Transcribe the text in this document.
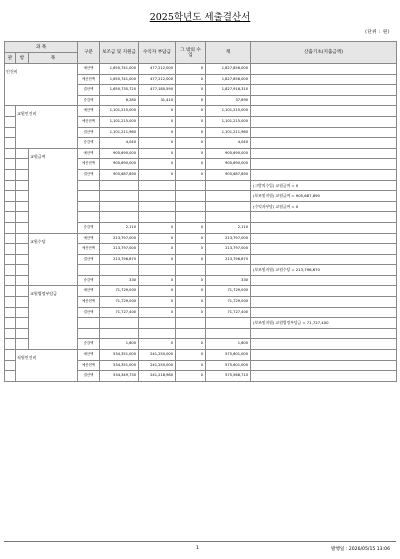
2025학년도 세출결산서
(단위 : 원)
과 목			구분	보조금 및 지원금	수익자 부담금	그 밖의 수 입	계	산출기초(지출금액)
관	항	목						
인건비			예산액	1,650,741,000	477,212,000	0	1,827,856,000	
			예산현액	1,650,741,000	477,212,000	0	1,827,856,000	
			결산액	1,650,735,720	477,180,590	0	1,827,916,310	
			증감액	6,280	31,410	0	37,690	
	교원인건비		예산액	1,101,215,000	0	0	1,101,215,000	
			예산현액	1,101,215,000	0	0	1,101,215,000	
			결산액	1,101,211,960	0	0	1,101,211,960	
			증감액	4,040	0	0	4,040	
		교원급여	예산액	905,690,000	0	0	905,690,000	
			예산현액	905,690,000	0	0	905,690,000	
			결산액	905,687,890	0	0	905,687,890	
								(그밖의수입) 교원급여 = 0
								(보조및지원) 교원급여 = 905,687,890
								(수익자부담) 교원급여 = 0

			증감액	2,110	0	0	2,110	
		교원수당	예산액	213,797,000	0	0	213,797,000	
			예산현액	213,797,000	0	0	213,797,000	
			결산액	213,796,670	0	0	213,796,670	
								(보조및지원) 교원수당 = 213,796,670
			증감액	330	0	0	330	
		교원법정부담금	예산액	71,729,000	0	0	71,729,000	
			예산현액	71,729,000	0	0	71,729,000	
			결산액	71,727,400	0	0	71,727,400	
								(보조및지원) 교원법정부담금 = 71,727,400

			증감액	1,600	0	0	1,600	
	직원인건비		예산액	534,351,000	241,250,000	0	575,601,000	
			예산현액	534,351,000	241,250,000	0	575,601,000	
			결산액	534,349,730	241,218,980	0	575,568,710	
1	발행일 : 2026/05/15 13:06
